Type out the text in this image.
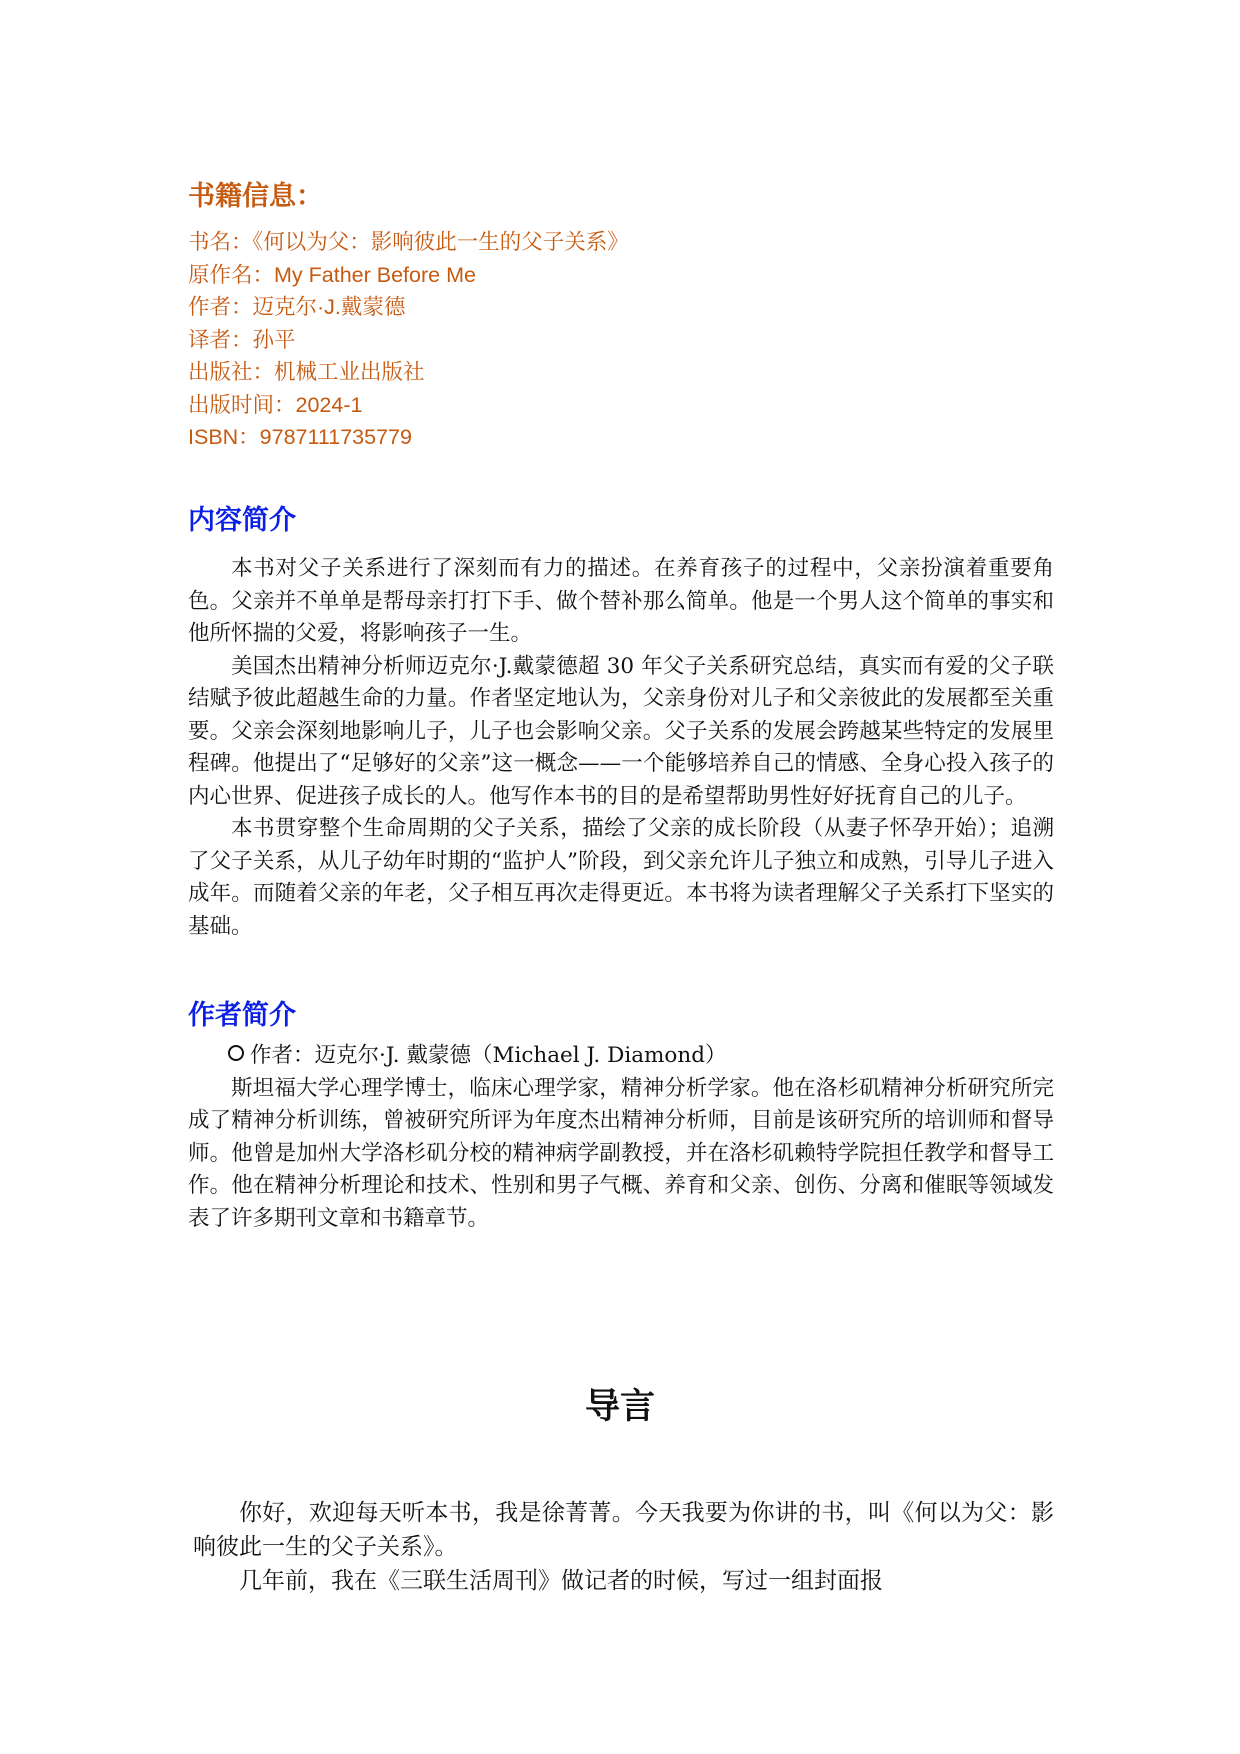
书籍信息：
书名：《何以为父：影响彼此一生的父子关系》
原作名：My Father Before Me
作者：迈克尔·J.戴蒙德
译者：孙平
出版社：机械工业出版社
出版时间：2024-1
ISBN：9787111735779
内容简介

本书对父子关系进行了深刻而有力的描述。在养育孩子的过程中，父亲扮演着重要角色。父亲并不单单是帮母亲打打下手、做个替补那么简单。他是一个男人这个简单的事实和他所怀揣的父爱，将影响孩子一生。

美国杰出精神分析师迈克尔·J.戴蒙德超 30 年父子关系研究总结，真实而有爱的父子联结赋予彼此超越生命的力量。作者坚定地认为，父亲身份对儿子和父亲彼此的发展都至关重要。父亲会深刻地影响儿子，儿子也会影响父亲。父子关系的发展会跨越某些特定的发展里程碑。他提出了“足够好的父亲”这一概念——一个能够培养自己的情感、全身心投入孩子的内心世界、促进孩子成长的人。他写作本书的目的是希望帮助男性好好抚育自己的儿子。

本书贯穿整个生命周期的父子关系，描绘了父亲的成长阶段（从妻子怀孕开始）；追溯了父子关系，从儿子幼年时期的“监护人”阶段，到父亲允许儿子独立和成熟，引导儿子进入成年。而随着父亲的年老，父子相互再次走得更近。本书将为读者理解父子关系打下坚实的基础。

作者简介

作者：迈克尔·J. 戴蒙德（Michael J. Diamond）

斯坦福大学心理学博士，临床心理学家，精神分析学家。他在洛杉矶精神分析研究所完成了精神分析训练，曾被研究所评为年度杰出精神分析师，目前是该研究所的培训师和督导师。他曾是加州大学洛杉矶分校的精神病学副教授，并在洛杉矶赖特学院担任教学和督导工作。他在精神分析理论和技术、性别和男子气概、养育和父亲、创伤、分离和催眠等领域发表了许多期刊文章和书籍章节。

导言

你好，欢迎每天听本书，我是徐菁菁。今天我要为你讲的书，叫《何以为父：影响彼此一生的父子关系》。

几年前，我在《三联生活周刊》做记者的时候，写过一组封面报
